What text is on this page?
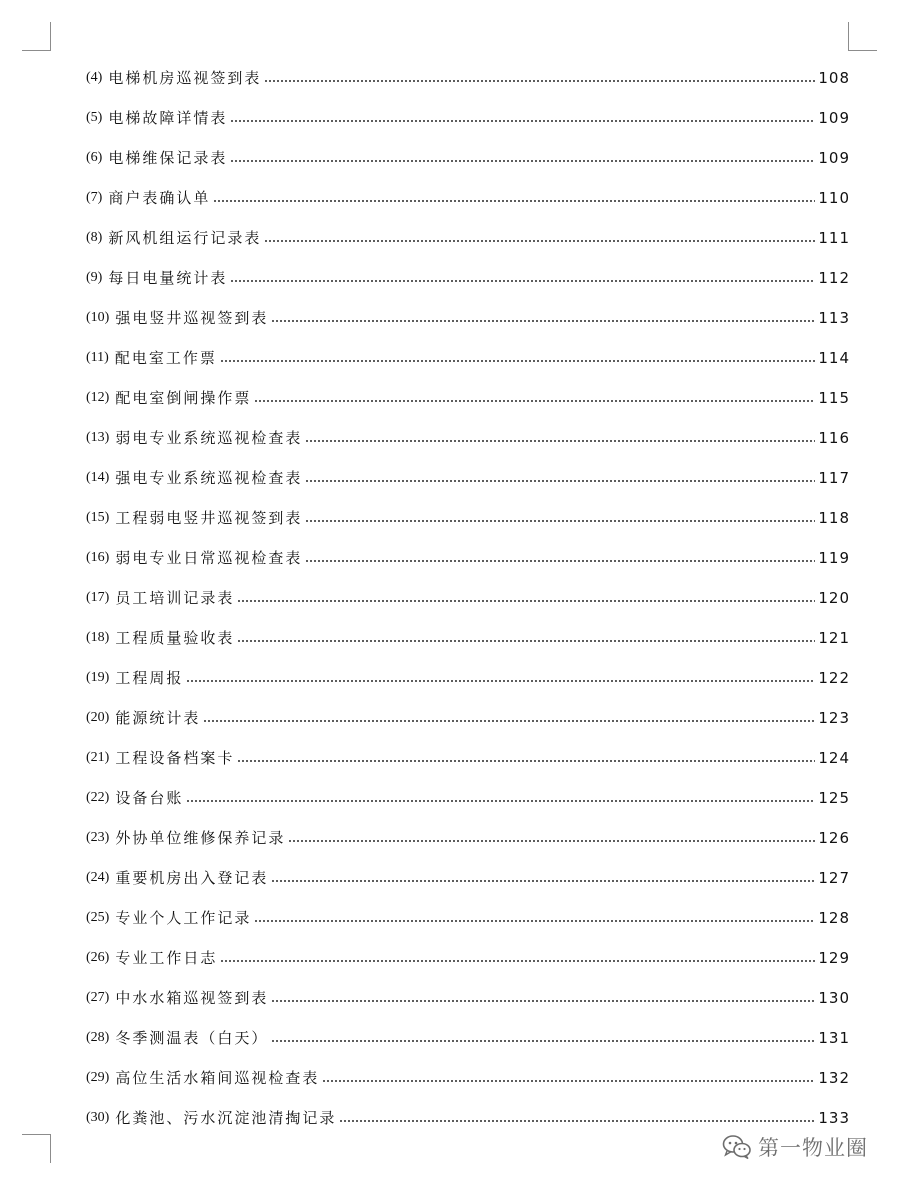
(4) 电梯机房巡视签到表	108
(5) 电梯故障详情表	109
(6) 电梯维保记录表	109
(7) 商户表确认单	110
(8) 新风机组运行记录表	111
(9) 每日电量统计表	112
(10) 强电竖井巡视签到表	113
(11) 配电室工作票	114
(12) 配电室倒闸操作票	115
(13) 弱电专业系统巡视检查表	116
(14) 强电专业系统巡视检查表	117
(15) 工程弱电竖井巡视签到表	118
(16) 弱电专业日常巡视检查表	119
(17) 员工培训记录表	120
(18) 工程质量验收表	121
(19) 工程周报	122
(20) 能源统计表	123
(21) 工程设备档案卡	124
(22) 设备台账	125
(23) 外协单位维修保养记录	126
(24) 重要机房出入登记表	127
(25) 专业个人工作记录	128
(26) 专业工作日志	129
(27) 中水水箱巡视签到表	130
(28) 冬季测温表（白天）	131
(29) 高位生活水箱间巡视检查表	132
(30) 化粪池、污水沉淀池清掏记录	133
第一物业圈
